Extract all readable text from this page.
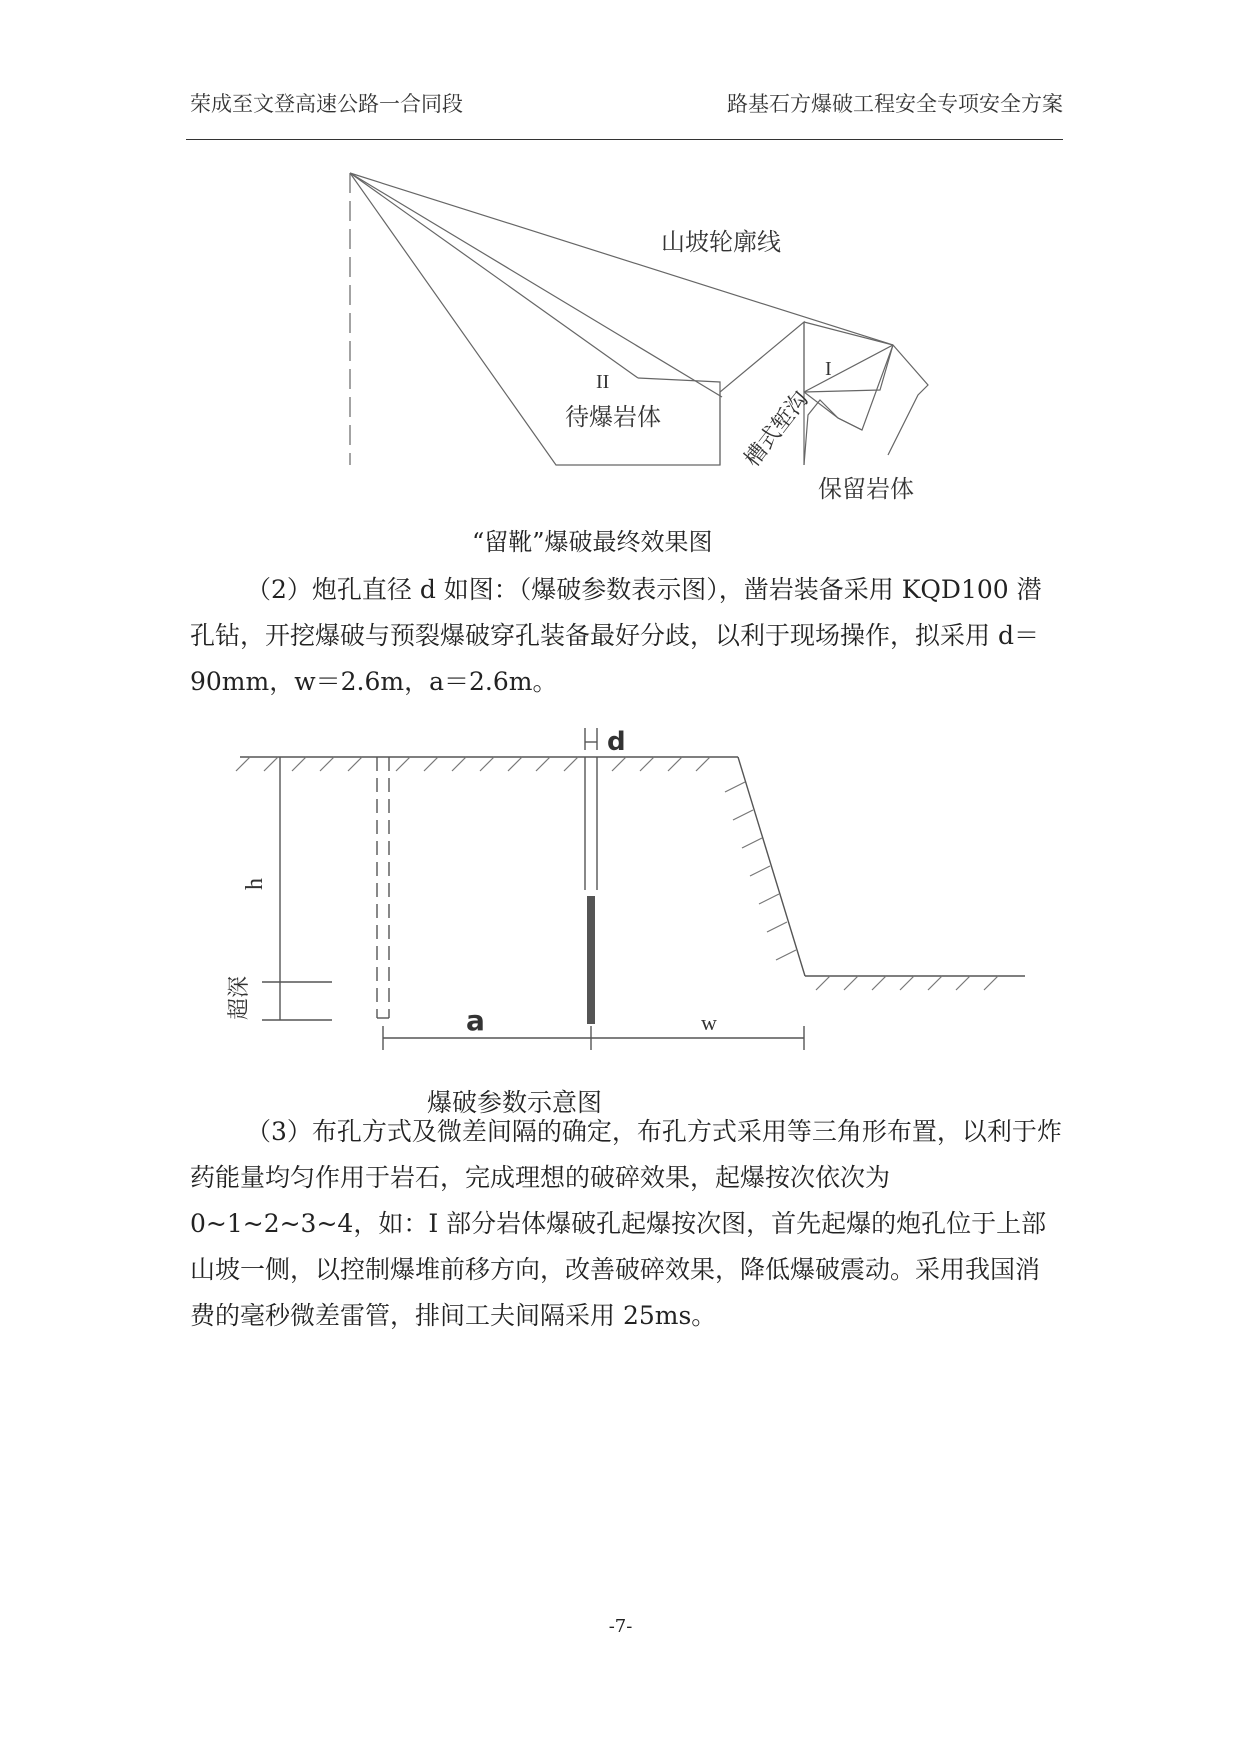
荣成至文登高速公路一合同段	路基石方爆破工程安全专项安全方案
山坡轮廓线
II
I
待爆岩体	槽式堑沟
保留岩体
“留靴”爆破最终效果图

（2）炮孔直径 d 如图：（爆破参数表示图），凿岩装备采用 KQD100 潜孔钻，开挖爆破与预裂爆破穿孔装备最好分歧，以利于现场操作，拟采用 d＝90mm，w＝2.6m，a＝2.6m。

d
h
超深
a	w
爆破参数示意图

（3）布孔方式及微差间隔的确定，布孔方式采用等三角形布置，以利于炸药能量均匀作用于岩石，完成理想的破碎效果，起爆按次依次为 0~1~2~3~4，如：I 部分岩体爆破孔起爆按次图，首先起爆的炮孔位于上部山坡一侧，以控制爆堆前移方向，改善破碎效果，降低爆破震动。采用我国消费的毫秒微差雷管，排间工夫间隔采用 25ms。

-7-
